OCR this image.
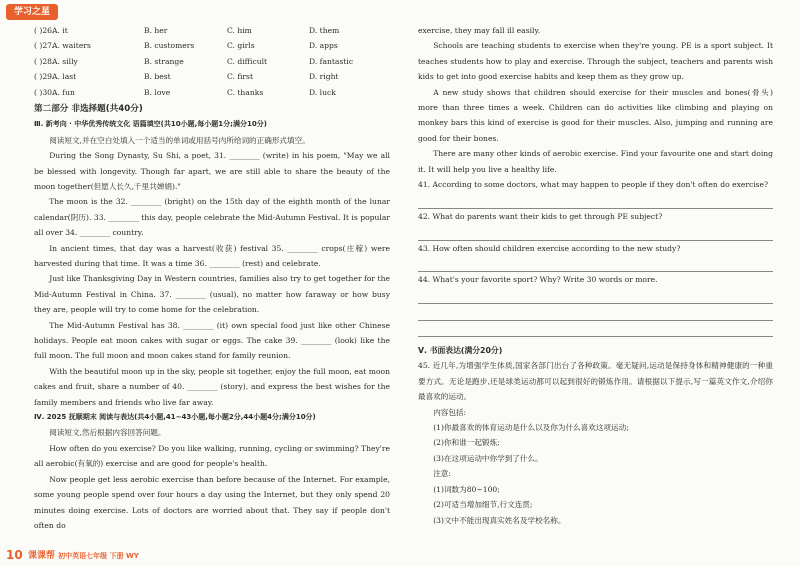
学习之星
( )26.
A. it	B. her	C. him	D. them
( )27.
A. waiters	B. customers	C. girls	D. apps
( )28.
A. silly	B. strange	C. difficult	D. fantastic
( )29.
A. last	B. best	C. first	D. right
( )30.
A. fun	B. love	C. thanks	D. luck
第二部分 非选择题(共40分)
Ⅲ. 新考向 · 中华优秀传统文化 语篇填空(共10小题,每小题1分;满分10分)

阅读短文,并在空白处填入一个适当的单词或用括号内所给词的正确形式填空。

During the Song Dynasty, Su Shi, a poet, 31. ________ (write) in his poem, "May we all be blessed with longevity. Though far apart, we are still able to share the beauty of the moon together(但愿人长久,千里共婵娟)."

The moon is the 32. ________ (bright) on the 15th day of the eighth month of the lunar calendar(阴历). 33. ________ this day, people celebrate the Mid-Autumn Festival. It is popular all over 34. ________ country.

In ancient times, that day was a harvest(收获) festival 35. ________ crops(庄稼) were harvested during that time. It was a time 36. ________ (rest) and celebrate.

Just like Thanksgiving Day in Western countries, families also try to get together for the Mid-Autumn Festival in China. 37. ________ (usual), no matter how faraway or how busy they are, people will try to come home for the celebration.

The Mid-Autumn Festival has 38. ________ (it) own special food just like other Chinese holidays. People eat moon cakes with sugar or eggs. The cake 39. ________ (look) like the full moon. The full moon and moon cakes stand for family reunion.

With the beautiful moon up in the sky, people sit together, enjoy the full moon, eat moon cakes and fruit, share a number of 40. ________ (story), and express the best wishes for the family members and friends who live far away.

Ⅳ. 2025 抚顺期末 阅读与表达(共4小题,41~43小题,每小题2分,44小题4分;满分10分)

阅读短文,然后根据内容回答问题。

How often do you exercise? Do you like walking, running, cycling or swimming? They're all aerobic(有氧的) exercise and are good for people's health.

Now people get less aerobic exercise than before because of the Internet. For example, some young people spend over four hours a day using the Internet, but they only spend 20 minutes doing exercise. Lots of doctors are worried about that. They say if people don't often do

exercise, they may fall ill easily.

Schools are teaching students to exercise when they're young. PE is a sport subject. It teaches students how to play and exercise. Through the subject, teachers and parents wish kids to get into good exercise habits and keep them as they grow up.

A new study shows that children should exercise for their muscles and bones(骨头) more than three times a week. Children can do activities like climbing and playing on monkey bars this kind of exercise is good for their muscles. Also, jumping and running are good for their bones.

There are many other kinds of aerobic exercise. Find your favourite one and start doing it. It will help you live a healthy life.

41. According to some doctors, what may happen to people if they don't often do exercise?
42. What do parents want their kids to get through PE subject?
43. How often should children exercise according to the new study?
44. What's your favorite sport? Why? Write 30 words or more.
Ⅴ. 书面表达(满分20分)

45. 近几年,为增强学生体质,国家各部门出台了各种政策。毫无疑问,运动是保持身体和精神健康的一种重要方式。无论是跑步,还是球类运动都可以起到很好的锻炼作用。请根据以下提示,写一篇英文作文,介绍你最喜欢的运动。

内容包括:

(1)你最喜欢的体育运动是什么以及你为什么喜欢这项运动;

(2)你和谁一起锻炼;

(3)在这项运动中你学到了什么。

注意:

(1)词数为80~100;

(2)可适当增加细节,行文连贯;

(3)文中不能出现真实姓名及学校名称。

10 课课帮 初中英语七年级 下册 WY
